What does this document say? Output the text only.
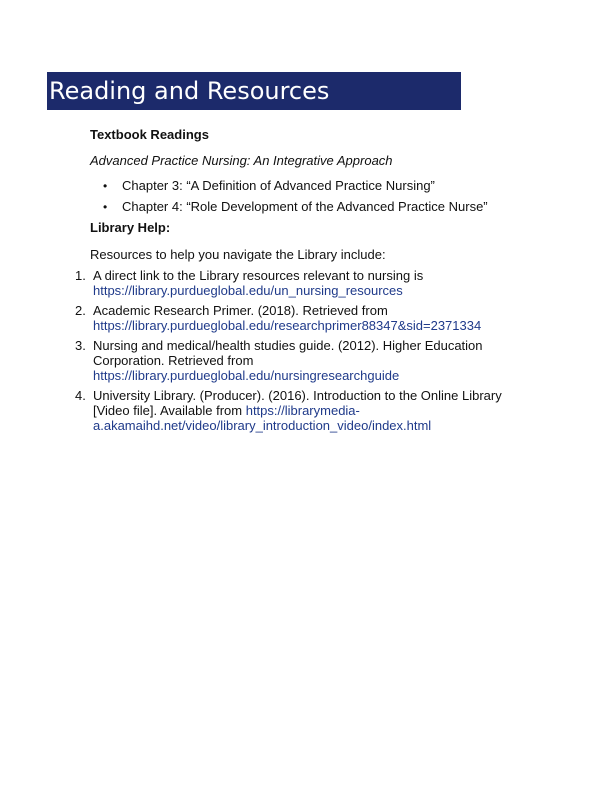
Reading and Resources
Textbook Readings

Advanced Practice Nursing: An Integrative Approach

• Chapter 3: “A Definition of Advanced Practice Nursing”
• Chapter 4: “Role Development of the Advanced Practice Nurse”
Library Help:

Resources to help you navigate the Library include:

1. A direct link to the Library resources relevant to nursing is https://library.purdueglobal.edu/un_nursing_resources
2. Academic Research Primer. (2018). Retrieved from https://library.purdueglobal.edu/researchprimer88347&sid=2371334
3. Nursing and medical/health studies guide. (2012). Higher Education Corporation. Retrieved from https://library.purdueglobal.edu/nursingresearchguide
4. University Library. (Producer). (2016). Introduction to the Online Library [Video file]. Available from https://librarymedia-a.akamaihd.net/video/library_introduction_video/index.html
